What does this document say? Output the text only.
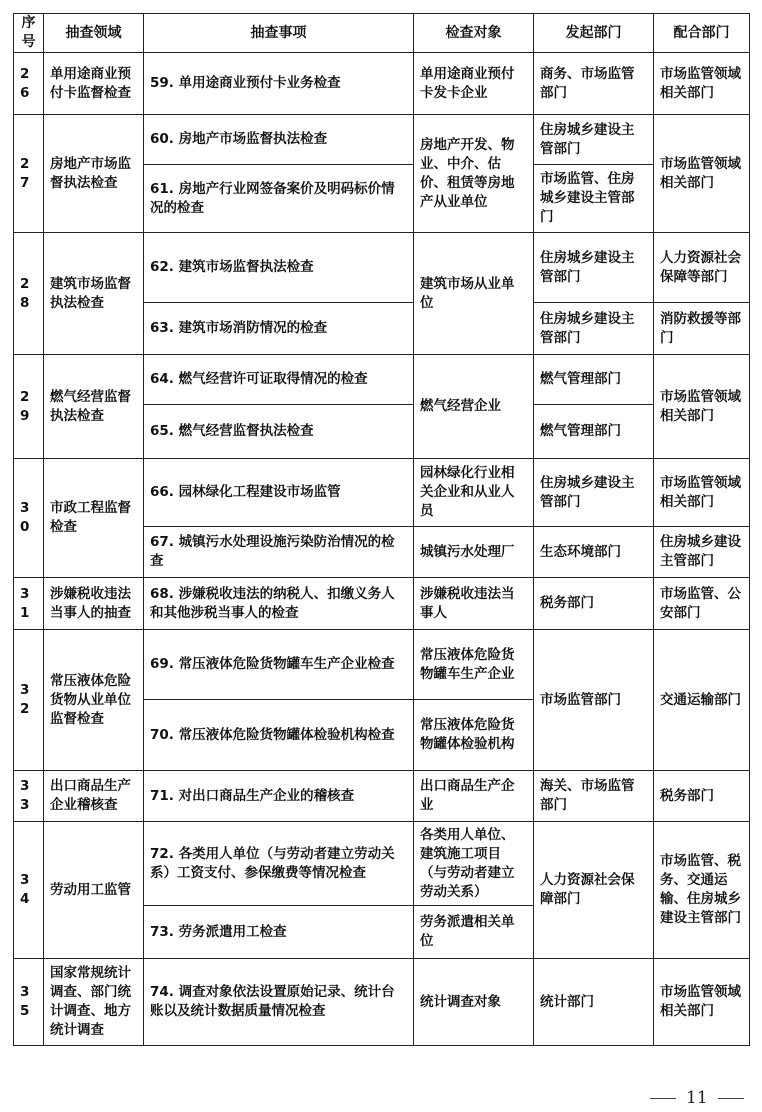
序号	抽查领域	抽查事项	检查对象	发起部门	配合部门
26	单用途商业预付卡监督检查	59. 单用途商业预付卡业务检查	单用途商业预付卡发卡企业	商务、市场监管部门	市场监管领域相关部门
27	房地产市场监督执法检查	60. 房地产市场监督执法检查	房地产开发、物业、中介、估价、租赁等房地产从业单位	住房城乡建设主管部门	市场监管领域相关部门
		61. 房地产行业网签备案价及明码标价情况的检查		市场监管、住房城乡建设主管部门	
28	建筑市场监督执法检查	62. 建筑市场监督执法检查	建筑市场从业单位	住房城乡建设主管部门	人力资源社会保障等部门
		63. 建筑市场消防情况的检查		住房城乡建设主管部门	消防救援等部门
29	燃气经营监督执法检查	64. 燃气经营许可证取得情况的检查	燃气经营企业	燃气管理部门	市场监管领域相关部门
		65. 燃气经营监督执法检查		燃气管理部门	
30	市政工程监督检查	66. 园林绿化工程建设市场监管	园林绿化行业相关企业和从业人员	住房城乡建设主管部门	市场监管领域相关部门
		67. 城镇污水处理设施污染防治情况的检查	城镇污水处理厂	生态环境部门	住房城乡建设主管部门
31	涉嫌税收违法当事人的抽查	68. 涉嫌税收违法的纳税人、扣缴义务人和其他涉税当事人的检查	涉嫌税收违法当事人	税务部门	市场监管、公安部门
32	常压液体危险货物从业单位监督检查	69. 常压液体危险货物罐车生产企业检查	常压液体危险货物罐车生产企业	市场监管部门	交通运输部门
		70. 常压液体危险货物罐体检验机构检查	常压液体危险货物罐体检验机构		
33	出口商品生产企业稽核查	71. 对出口商品生产企业的稽核查	出口商品生产企业	海关、市场监管部门	税务部门
34	劳动用工监管	72. 各类用人单位（与劳动者建立劳动关系）工资支付、参保缴费等情况检查	各类用人单位、建筑施工项目（与劳动者建立劳动关系）	人力资源社会保障部门	市场监管、税务、交通运输、住房城乡建设主管部门
		73. 劳务派遣用工检查	劳务派遣相关单位		
35	国家常规统计调查、部门统计调查、地方统计调查	74. 调查对象依法设置原始记录、统计台账以及统计数据质量情况检查	统计调查对象	统计部门	市场监管领域相关部门
11
